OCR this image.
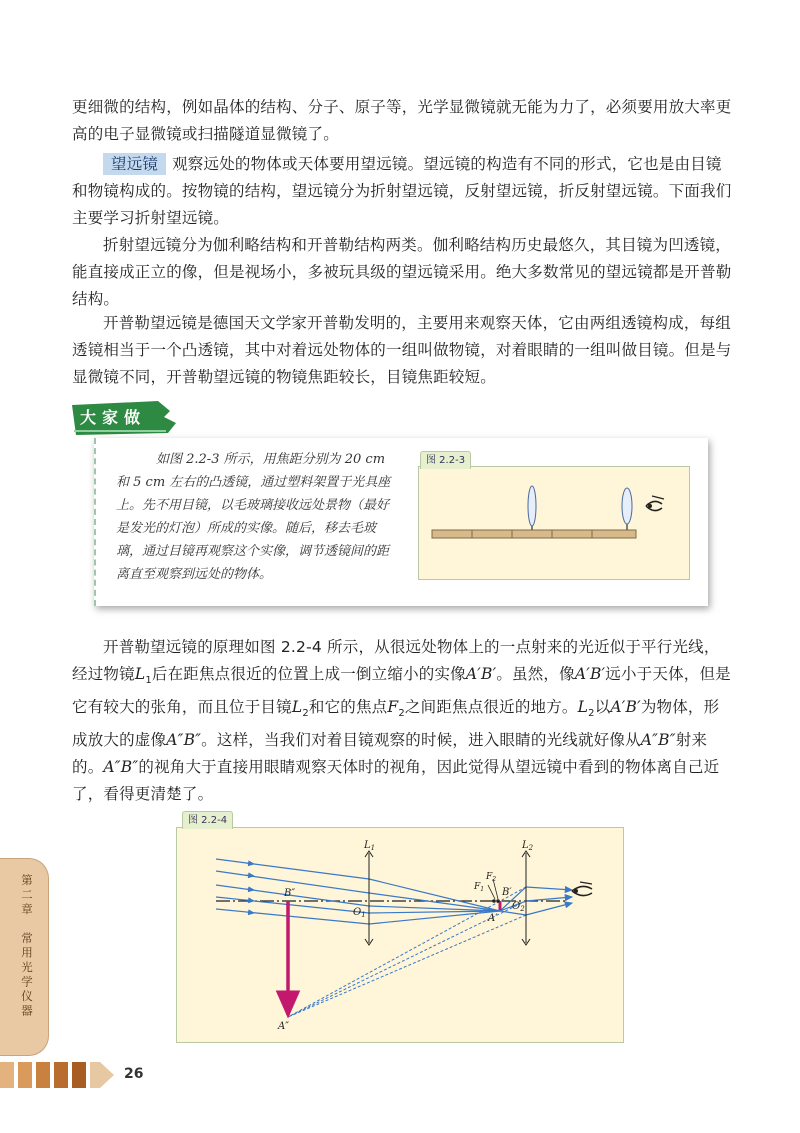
更细微的结构，例如晶体的结构、分子、原子等，光学显微镜就无能为力了，必须要用放大率更高的电子显微镜或扫描隧道显微镜了。

望远镜 观察远处的物体或天体要用望远镜。望远镜的构造有不同的形式，它也是由目镜和物镜构成的。按物镜的结构，望远镜分为折射望远镜，反射望远镜，折反射望远镜。下面我们主要学习折射望远镜。

折射望远镜分为伽利略结构和开普勒结构两类。伽利略结构历史最悠久，其目镜为凹透镜，能直接成正立的像，但是视场小，多被玩具级的望远镜采用。绝大多数常见的望远镜都是开普勒结构。

开普勒望远镜是德国天文学家开普勒发明的，主要用来观察天体，它由两组透镜构成，每组透镜相当于一个凸透镜，其中对着远处物体的一组叫做物镜，对着眼睛的一组叫做目镜。但是与显微镜不同，开普勒望远镜的物镜焦距较长，目镜焦距较短。

大家做

如图 2.2-3 所示，用焦距分别为 20 cm 和 5 cm 左右的凸透镜，通过塑料架置于光具座上。先不用目镜，以毛玻璃接收远处景物（最好是发光的灯泡）所成的实像。随后，移去毛玻璃，通过目镜再观察这个实像，调节透镜间的距离直至观察到远处的物体。

图 2.2-3

开普勒望远镜的原理如图 2.2-4 所示，从很远处物体上的一点射来的光近似于平行光线，经过物镜$L_1$后在距焦点很近的位置上成一倒立缩小的实像A′B′。虽然，像A′B′远小于天体，但是它有较大的张角，而且位于目镜$L_2$和它的焦点$F_2$之间距焦点很近的地方。$L_2$以A′B′为物体，形成放大的虚像A″B″。这样，当我们对着目镜观察的时候，进入眼睛的光线就好像从A″B″射来的。A″B″的视角大于直接用眼睛观察天体时的视角，因此觉得从望远镜中看到的物体离自己近了，看得更清楚了。

图 2.2-4
$L_1$	$L_2$
$O_1$
$O_2$
$F_1$
$F_2$
B″
A″
B′
A′
第二章　常用光学仪器
26
